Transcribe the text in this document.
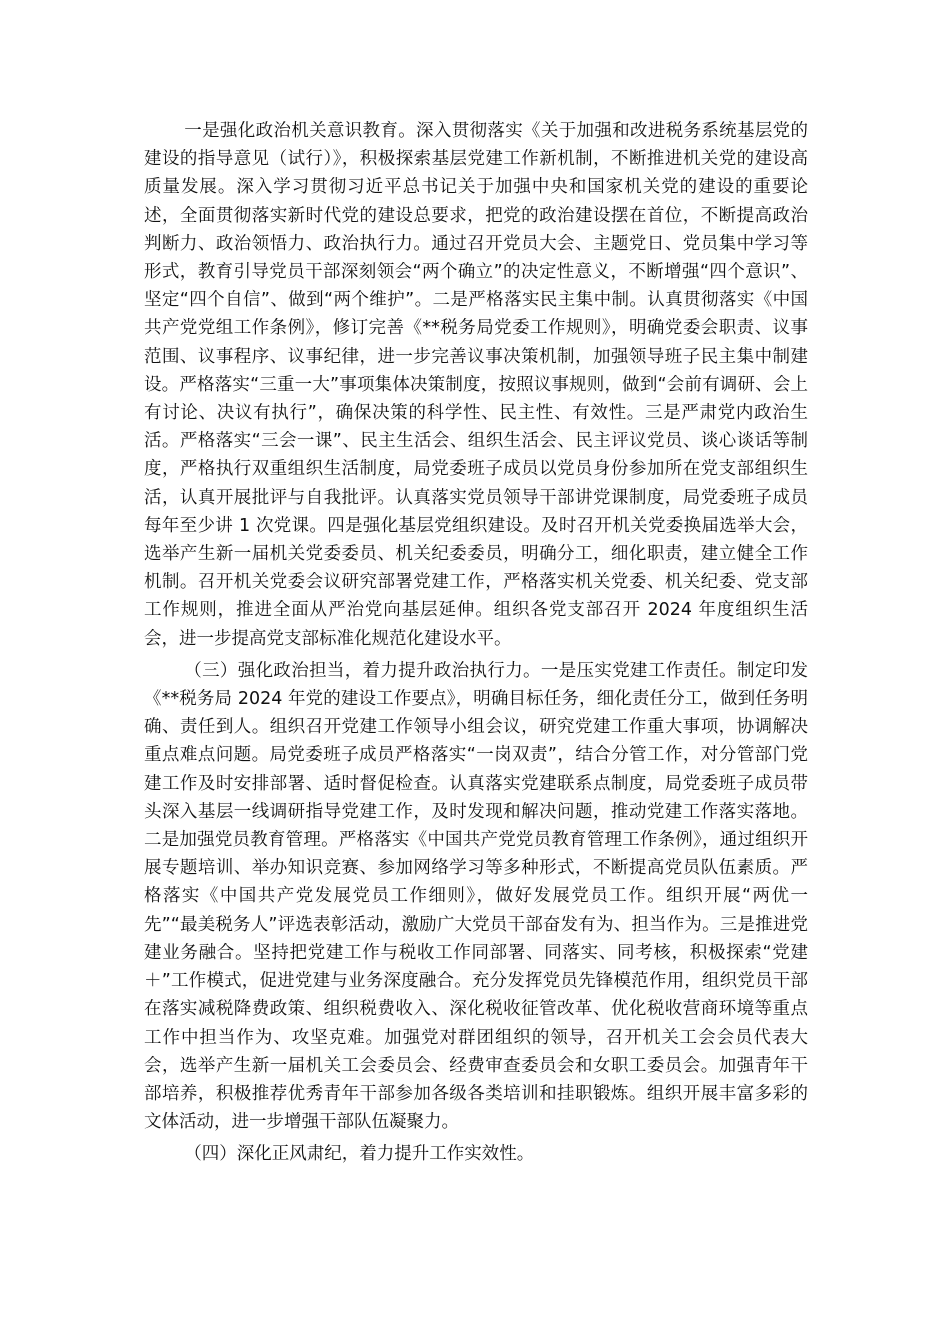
一是强化政治机关意识教育。深入贯彻落实《关于加强和改进税务系统基层党的建设的指导意见（试行）》，积极探索基层党建工作新机制，不断推进机关党的建设高质量发展。深入学习贯彻习近平总书记关于加强中央和国家机关党的建设的重要论述，全面贯彻落实新时代党的建设总要求，把党的政治建设摆在首位，不断提高政治判断力、政治领悟力、政治执行力。通过召开党员大会、主题党日、党员集中学习等形式，教育引导党员干部深刻领会“两个确立”的决定性意义，不断增强“四个意识”、坚定“四个自信”、做到“两个维护”。二是严格落实民主集中制。认真贯彻落实《中国共产党党组工作条例》，修订完善《**税务局党委工作规则》，明确党委会职责、议事范围、议事程序、议事纪律，进一步完善议事决策机制，加强领导班子民主集中制建设。严格落实“三重一大”事项集体决策制度，按照议事规则，做到“会前有调研、会上有讨论、决议有执行”，确保决策的科学性、民主性、有效性。三是严肃党内政治生活。严格落实“三会一课”、民主生活会、组织生活会、民主评议党员、谈心谈话等制度，严格执行双重组织生活制度，局党委班子成员以党员身份参加所在党支部组织生活，认真开展批评与自我批评。认真落实党员领导干部讲党课制度，局党委班子成员每年至少讲 1 次党课。四是强化基层党组织建设。及时召开机关党委换届选举大会，选举产生新一届机关党委委员、机关纪委委员，明确分工，细化职责，建立健全工作机制。召开机关党委会议研究部署党建工作，严格落实机关党委、机关纪委、党支部工作规则，推进全面从严治党向基层延伸。组织各党支部召开 2024 年度组织生活会，进一步提高党支部标准化规范化建设水平。

（三）强化政治担当，着力提升政治执行力。一是压实党建工作责任。制定印发《**税务局 2024 年党的建设工作要点》，明确目标任务，细化责任分工，做到任务明确、责任到人。组织召开党建工作领导小组会议，研究党建工作重大事项，协调解决重点难点问题。局党委班子成员严格落实“一岗双责”，结合分管工作，对分管部门党建工作及时安排部署、适时督促检查。认真落实党建联系点制度，局党委班子成员带头深入基层一线调研指导党建工作，及时发现和解决问题，推动党建工作落实落地。二是加强党员教育管理。严格落实《中国共产党党员教育管理工作条例》，通过组织开展专题培训、举办知识竞赛、参加网络学习等多种形式，不断提高党员队伍素质。严格落实《中国共产党发展党员工作细则》，做好发展党员工作。组织开展“两优一先”“最美税务人”评选表彰活动，激励广大党员干部奋发有为、担当作为。三是推进党建业务融合。坚持把党建工作与税收工作同部署、同落实、同考核，积极探索“党建＋”工作模式，促进党建与业务深度融合。充分发挥党员先锋模范作用，组织党员干部在落实减税降费政策、组织税费收入、深化税收征管改革、优化税收营商环境等重点工作中担当作为、攻坚克难。加强党对群团组织的领导，召开机关工会会员代表大会，选举产生新一届机关工会委员会、经费审查委员会和女职工委员会。加强青年干部培养，积极推荐优秀青年干部参加各级各类培训和挂职锻炼。组织开展丰富多彩的文体活动，进一步增强干部队伍凝聚力。

（四）深化正风肃纪，着力提升工作实效性。
